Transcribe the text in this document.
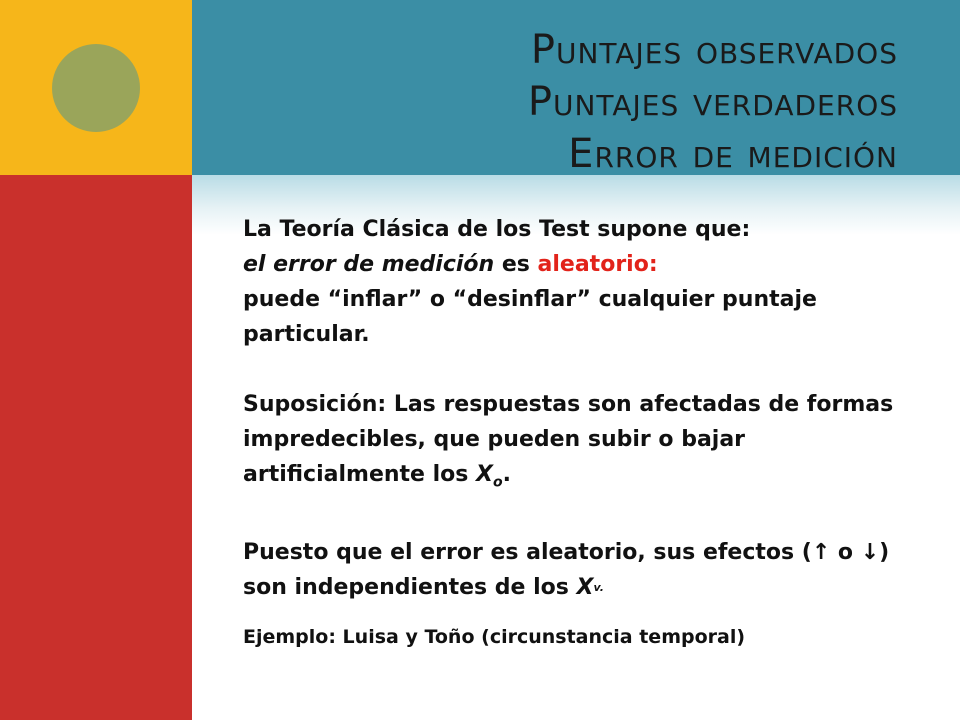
Puntajes observados
Puntajes verdaderos
Error de medición
La Teoría Clásica de los Test supone que:
el error de medición es aleatorio:
puede “inflar” o “desinflar” cualquier puntaje particular.
Suposición: Las respuestas son afectadas de formas impredecibles, que pueden subir o bajar artificialmente los $X_o$.
Puesto que el error es aleatorio, sus efectos (↑ o ↓) son independientes de los $X^{v.}$
Ejemplo: Luisa y Toño (circunstancia temporal)
